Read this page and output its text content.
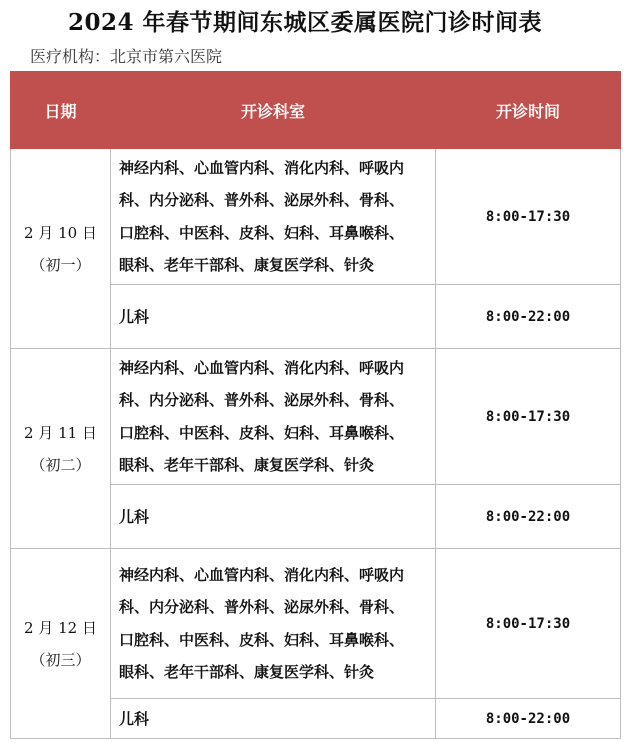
2024 年春节期间东城区委属医院门诊时间表
医疗机构：北京市第六医院
日期	开诊科室	开诊时间

2 月 10 日
（初一）	神经内科、心血管内科、消化内科、呼吸内
科、内分泌科、普外科、泌尿外科、骨科、
口腔科、中医科、皮科、妇科、耳鼻喉科、
眼科、老年干部科、康复医学科、针灸	8:00-17:30
	儿科	8:00-22:00

2 月 11 日
（初二）	神经内科、心血管内科、消化内科、呼吸内
科、内分泌科、普外科、泌尿外科、骨科、
口腔科、中医科、皮科、妇科、耳鼻喉科、
眼科、老年干部科、康复医学科、针灸	8:00-17:30
	儿科	8:00-22:00

2 月 12 日
（初三）	神经内科、心血管内科、消化内科、呼吸内
科、内分泌科、普外科、泌尿外科、骨科、
口腔科、中医科、皮科、妇科、耳鼻喉科、
眼科、老年干部科、康复医学科、针灸	8:00-17:30
	儿科	8:00-22:00
